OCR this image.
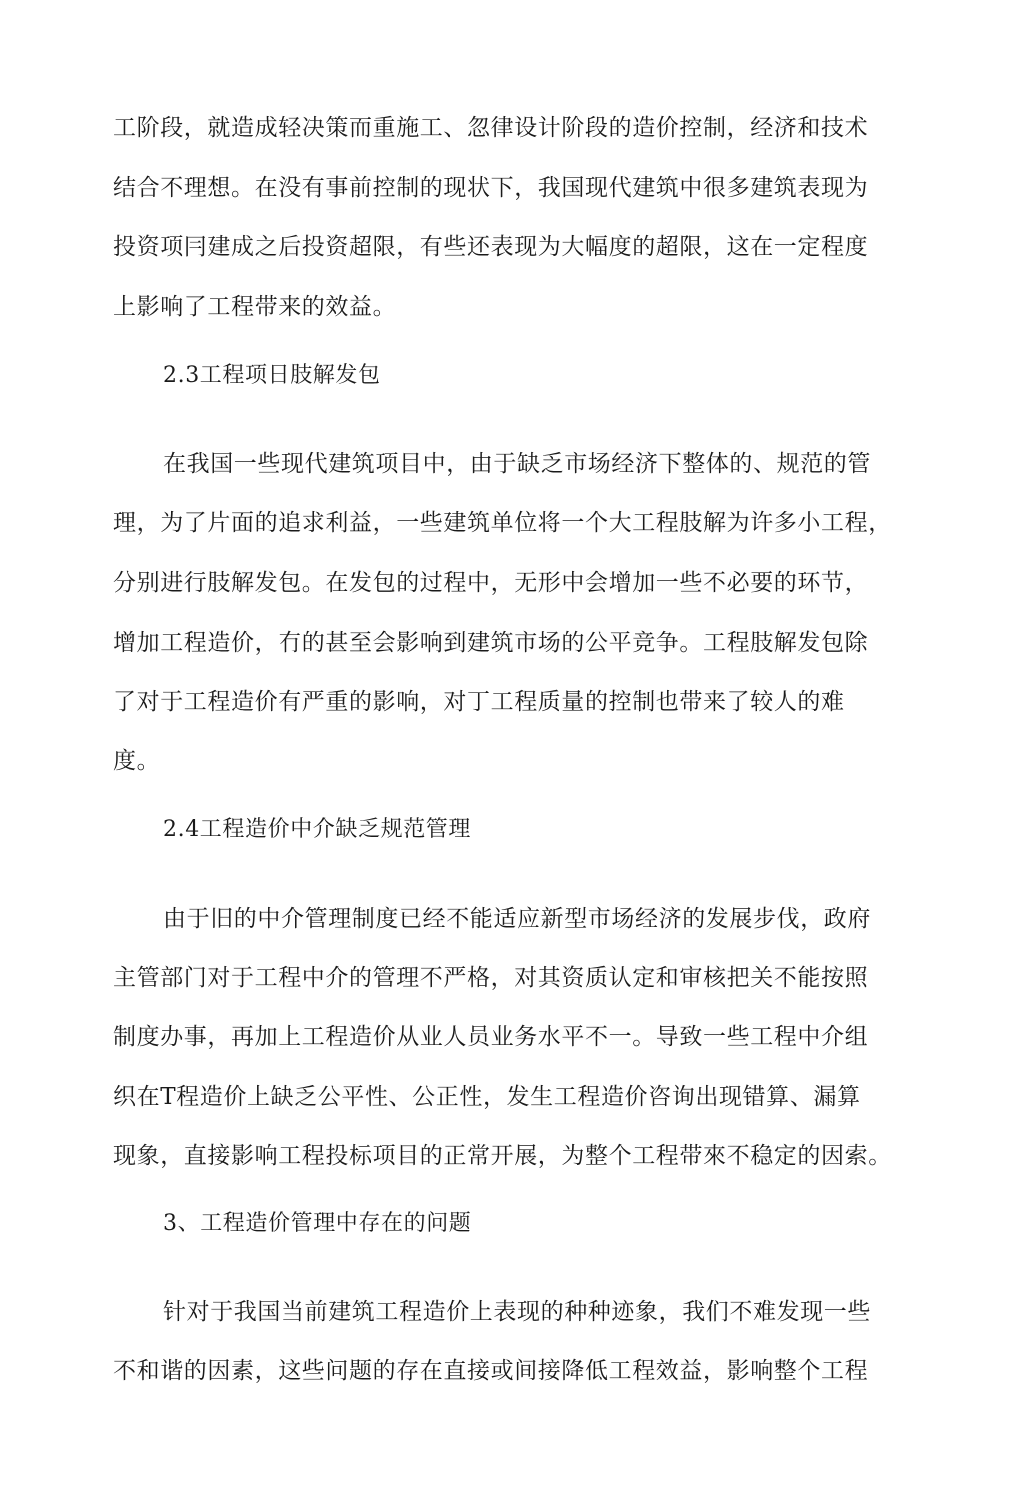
工阶段，就造成轻决策而重施工、忽律设计阶段的造价控制，经济和技术
结合不理想。在没有事前控制的现状下，我国现代建筑中很多建筑表现为
投资项冃建成之后投资超限，有些还表现为大幅度的超限，这在一定程度
上影响了工程带来的效益。
2.3工程项日肢解发包
在我国一些现代建筑项目中，由于缺乏市场经济下整体的、规范的管
理，为了片面的追求利益，一些建筑单位将一个大工程肢解为许多小工程，
分别进行肢解发包。在发包的过程中，无形中会增加一些不必要的环节，
增加工程造价，冇的甚至会影响到建筑市场的公平竞争。工程肢解发包除
了对于工程造价有严重的影响，对丁工程质量的控制也带来了较人的难
度。
2.4工程造价中介缺乏规范管理
由于旧的中介管理制度已经不能适应新型市场经济的发展步伐，政府
主管部门对于工程中介的管理不严格，对其资质认定和审核把关不能按照
制度办事，再加上工程造价从业人员业务水平不一。导致一些工程中介组
织在T程造价上缺乏公平性、公正性，发生工程造价咨询出现错算、漏算
现象，直接影响工程投标项目的正常开展，为整个工程带來不稳定的因索。
3、工程造价管理中存在的问题
针对于我国当前建筑工程造价上表现的种种迹象，我们不难发现一些
不和谐的因素，这些问题的存在直接或间接降低工程效益，影响整个工程
